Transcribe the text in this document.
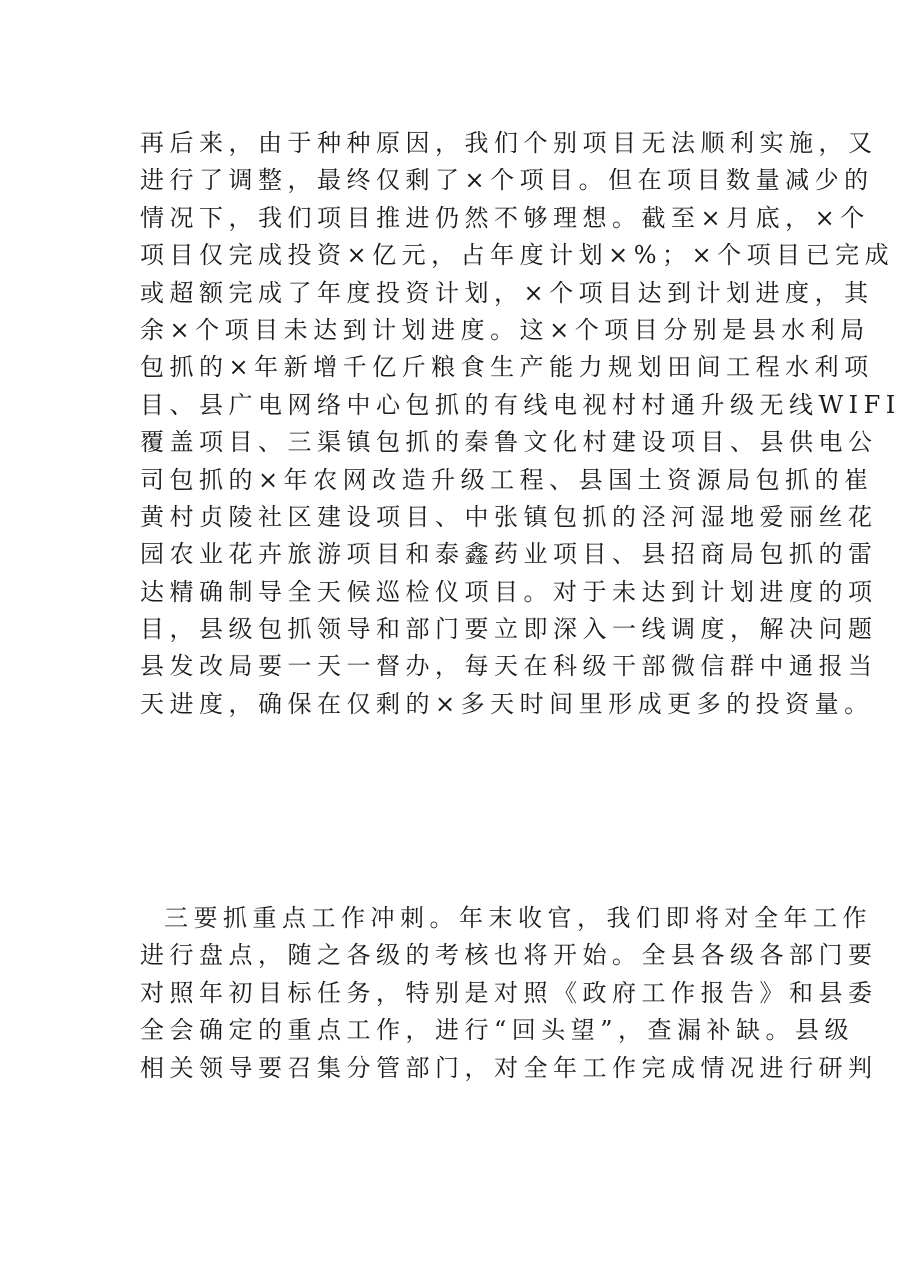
再后来，由于种种原因，我们个别项目无法顺利实施，又
进行了调整，最终仅剩了×个项目。但在项目数量减少的
情况下，我们项目推进仍然不够理想。截至×月底，×个
项目仅完成投资×亿元，占年度计划×%；×个项目已完成
或超额完成了年度投资计划，×个项目达到计划进度，其
余×个项目未达到计划进度。这×个项目分别是县水利局
包抓的×年新增千亿斤粮食生产能力规划田间工程水利项
目、县广电网络中心包抓的有线电视村村通升级无线WIFI
覆盖项目、三渠镇包抓的秦鲁文化村建设项目、县供电公
司包抓的×年农网改造升级工程、县国土资源局包抓的崔
黄村贞陵社区建设项目、中张镇包抓的泾河湿地爱丽丝花
园农业花卉旅游项目和泰鑫药业项目、县招商局包抓的雷
达精确制导全天候巡检仪项目。对于未达到计划进度的项
目，县级包抓领导和部门要立即深入一线调度，解决问题
县发改局要一天一督办，每天在科级干部微信群中通报当
天进度，确保在仅剩的×多天时间里形成更多的投资量。
三要抓重点工作冲刺。年末收官，我们即将对全年工作
进行盘点，随之各级的考核也将开始。全县各级各部门要
对照年初目标任务，特别是对照《政府工作报告》和县委
全会确定的重点工作，进行“回头望”，查漏补缺。县级
相关领导要召集分管部门，对全年工作完成情况进行研判
